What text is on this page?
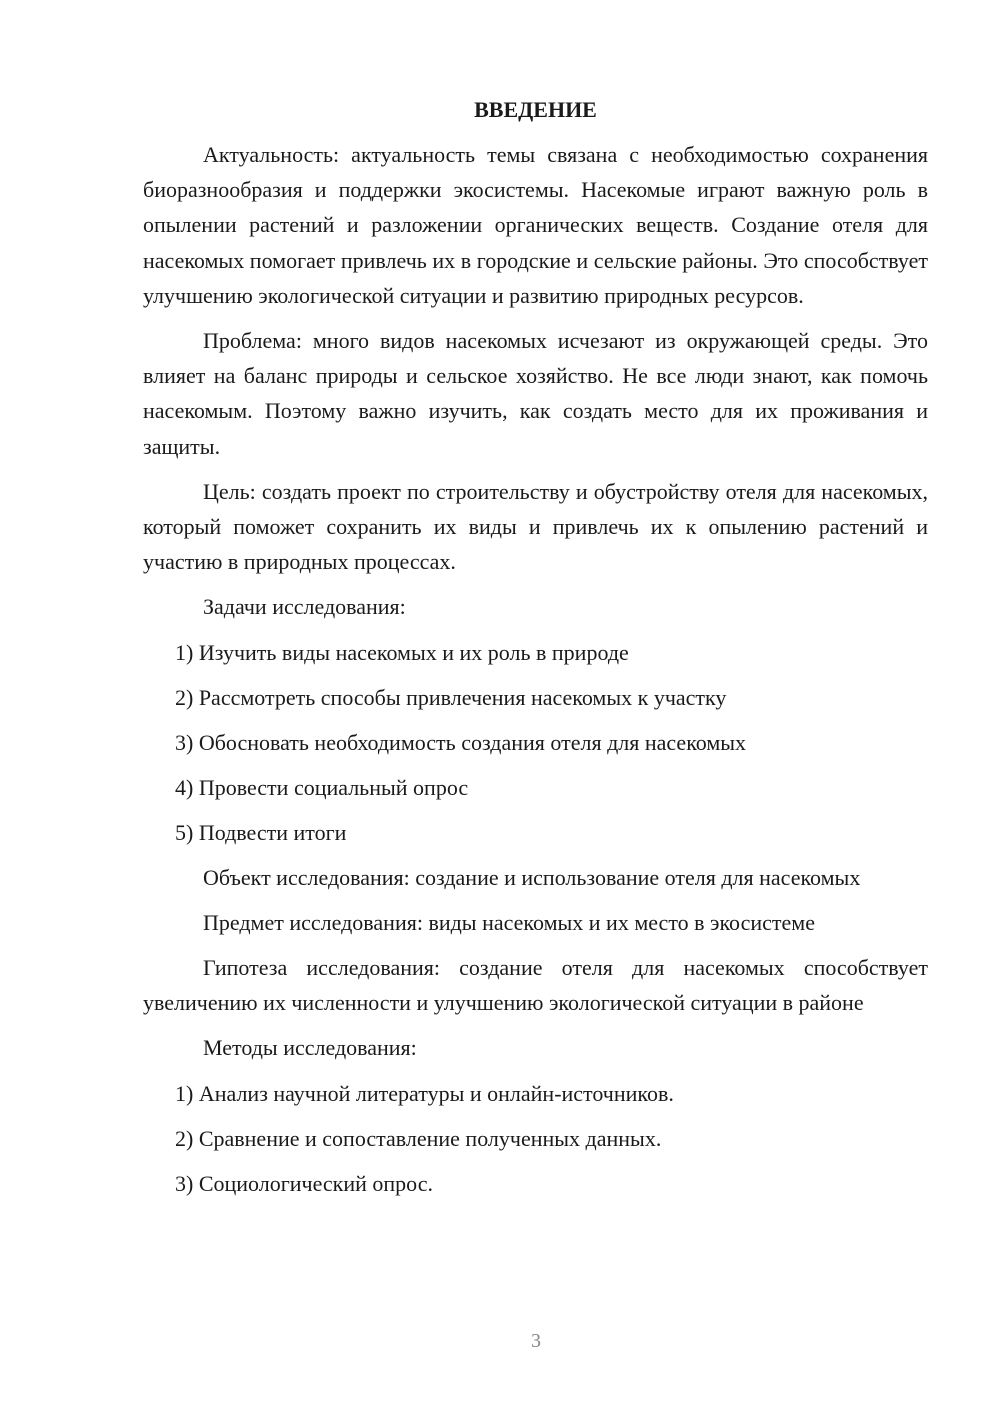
ВВЕДЕНИЕ

Актуальность: актуальность темы связана с необходимостью сохранения биоразнообразия и поддержки экосистемы. Насекомые играют важную роль в опылении растений и разложении органических веществ. Создание отеля для насекомых помогает привлечь их в городские и сельские районы. Это способствует улучшению экологической ситуации и развитию природных ресурсов.

Проблема: много видов насекомых исчезают из окружающей среды. Это влияет на баланс природы и сельское хозяйство. Не все люди знают, как помочь насекомым. Поэтому важно изучить, как создать место для их проживания и защиты.

Цель: создать проект по строительству и обустройству отеля для насекомых, который поможет сохранить их виды и привлечь их к опылению растений и участию в природных процессах.

Задачи исследования:

1) Изучить виды насекомых и их роль в природе
2) Рассмотреть способы привлечения насекомых к участку
3) Обосновать необходимость создания отеля для насекомых
4) Провести социальный опрос
5) Подвести итоги

Объект исследования: создание и использование отеля для насекомых

Предмет исследования: виды насекомых и их место в экосистеме

Гипотеза исследования: создание отеля для насекомых способствует увеличению их численности и улучшению экологической ситуации в районе

Методы исследования:

1) Анализ научной литературы и онлайн-источников.
2) Сравнение и сопоставление полученных данных.
3) Социологический опрос.
3
